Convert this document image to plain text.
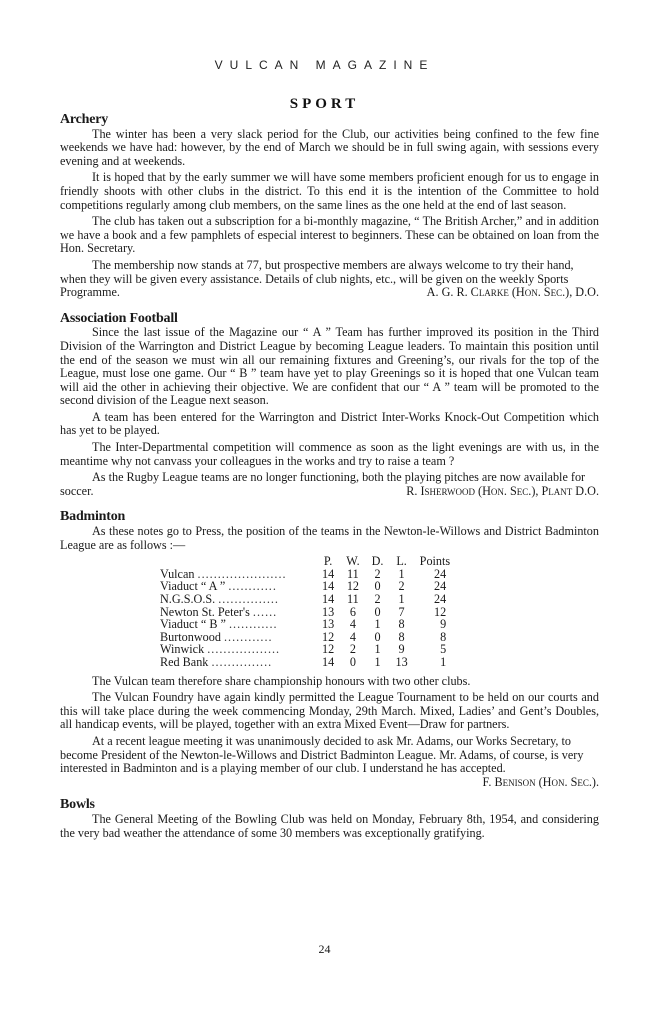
VULCAN MAGAZINE
SPORT
Archery

The winter has been a very slack period for the Club, our activities being confined to the few fine weekends we have had: however, by the end of March we should be in full swing again, with sessions every evening and at weekends.

It is hoped that by the early summer we will have some members proficient enough for us to engage in friendly shoots with other clubs in the district. To this end it is the intention of the Committee to hold competitions regularly among club members, on the same lines as the one held at the end of last season.

The club has taken out a subscription for a bi-monthly magazine, “ The British Archer,” and in addition we have a book and a few pamphlets of especial interest to beginners. These can be obtained on loan from the Hon. Secretary.

The membership now stands at 77, but prospective members are always welcome to try their hand, when they will be given every assistance. Details of club nights, etc., will be given on the weekly Sports Programme.	A. G. R. Clarke (Hon. Sec.), D.O.

Association Football

Since the last issue of the Magazine our “ A ” Team has further improved its position in the Third Division of the Warrington and District League by becoming League leaders. To maintain this position until the end of the season we must win all our remaining fixtures and Greening’s, our rivals for the top of the League, must lose one game. Our “ B ” team have yet to play Greenings so it is hoped that one Vulcan team will aid the other in achieving their objective. We are confident that our “ A ” team will be promoted to the second division of the League next season.

A team has been entered for the Warrington and District Inter-Works Knock-Out Competition which has yet to be played.

The Inter-Departmental competition will commence as soon as the light evenings are with us, in the meantime why not canvass your colleagues in the works and try to raise a team ?

As the Rugby League teams are no longer functioning, both the playing pitches are now available for soccer.	R. Isherwood (Hon. Sec.), Plant D.O.

Badminton

As these notes go to Press, the position of the teams in the Newton-le-Willows and District Badminton League are as follows :—

	P.	W.	D.	L.	Points
Vulcan ......................	14	11	2	1	24
Viaduct “ A ” ............	14	12	0	2	24
N.G.S.O.S. ...............	14	11	2	1	24
Newton St. Peter's ......	13	6	0	7	12
Viaduct “ B ” ............	13	4	1	8	9
Burtonwood ............	12	4	0	8	8
Winwick ..................	12	2	1	9	5
Red Bank ...............	14	0	1	13	1

The Vulcan team therefore share championship honours with two other clubs.

The Vulcan Foundry have again kindly permitted the League Tournament to be held on our courts and this will take place during the week commencing Monday, 29th March. Mixed, Ladies’ and Gent’s Doubles, all handicap events, will be played, together with an extra Mixed Event—Draw for partners.

At a recent league meeting it was unanimously decided to ask Mr. Adams, our Works Secretary, to become President of the Newton-le-Willows and District Badminton League. Mr. Adams, of course, is very interested in Badminton and is a playing member of our club. I understand he has accepted.
F. Benison (Hon. Sec.).

Bowls

The General Meeting of the Bowling Club was held on Monday, February 8th, 1954, and considering the very bad weather the attendance of some 30 members was exceptionally gratifying.

24
